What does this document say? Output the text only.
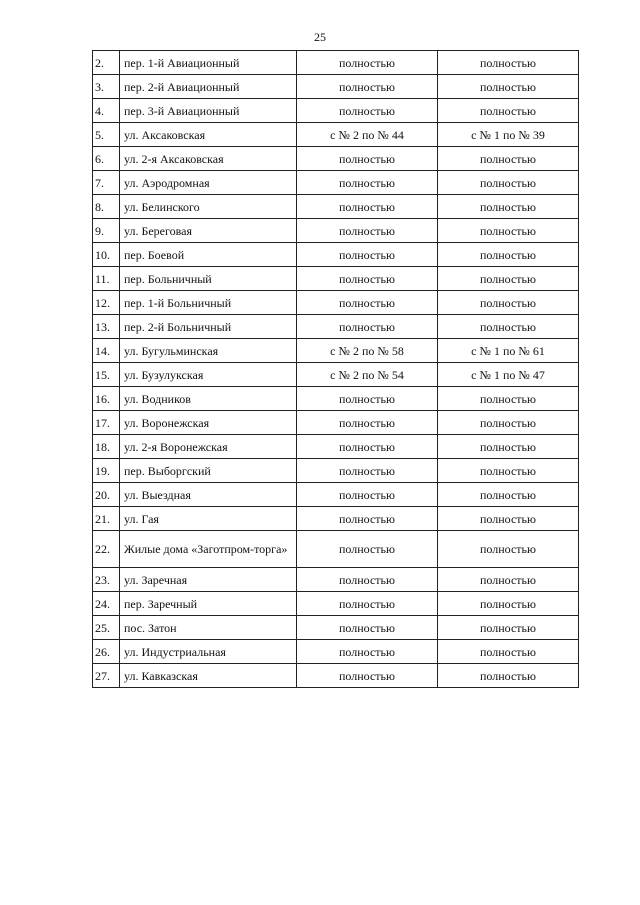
25
2.	пер. 1-й Авиационный	полностью	полностью
3.	пер. 2-й Авиационный	полностью	полностью
4.	пер. 3-й Авиационный	полностью	полностью
5.	ул. Аксаковская	с № 2 по № 44	с № 1 по № 39
6.	ул. 2-я Аксаковская	полностью	полностью
7.	ул. Аэродромная	полностью	полностью
8.	ул. Белинского	полностью	полностью
9.	ул. Береговая	полностью	полностью
10.	пер. Боевой	полностью	полностью
11.	пер. Больничный	полностью	полностью
12.	пер. 1-й Больничный	полностью	полностью
13.	пер. 2-й Больничный	полностью	полностью
14.	ул. Бугульминская	с № 2 по № 58	с № 1 по № 61
15.	ул. Бузулукская	с № 2 по № 54	с № 1 по № 47
16.	ул. Водников	полностью	полностью
17.	ул. Воронежская	полностью	полностью
18.	ул. 2-я Воронежская	полностью	полностью
19.	пер. Выборгский	полностью	полностью
20.	ул. Выездная	полностью	полностью
21.	ул. Гая	полностью	полностью
22.	Жилые дома «Заготпром-торга»	полностью	полностью
23.	ул. Заречная	полностью	полностью
24.	пер. Заречный	полностью	полностью
25.	пос. Затон	полностью	полностью
26.	ул. Индустриальная	полностью	полностью
27.	ул. Кавказская	полностью	полностью
